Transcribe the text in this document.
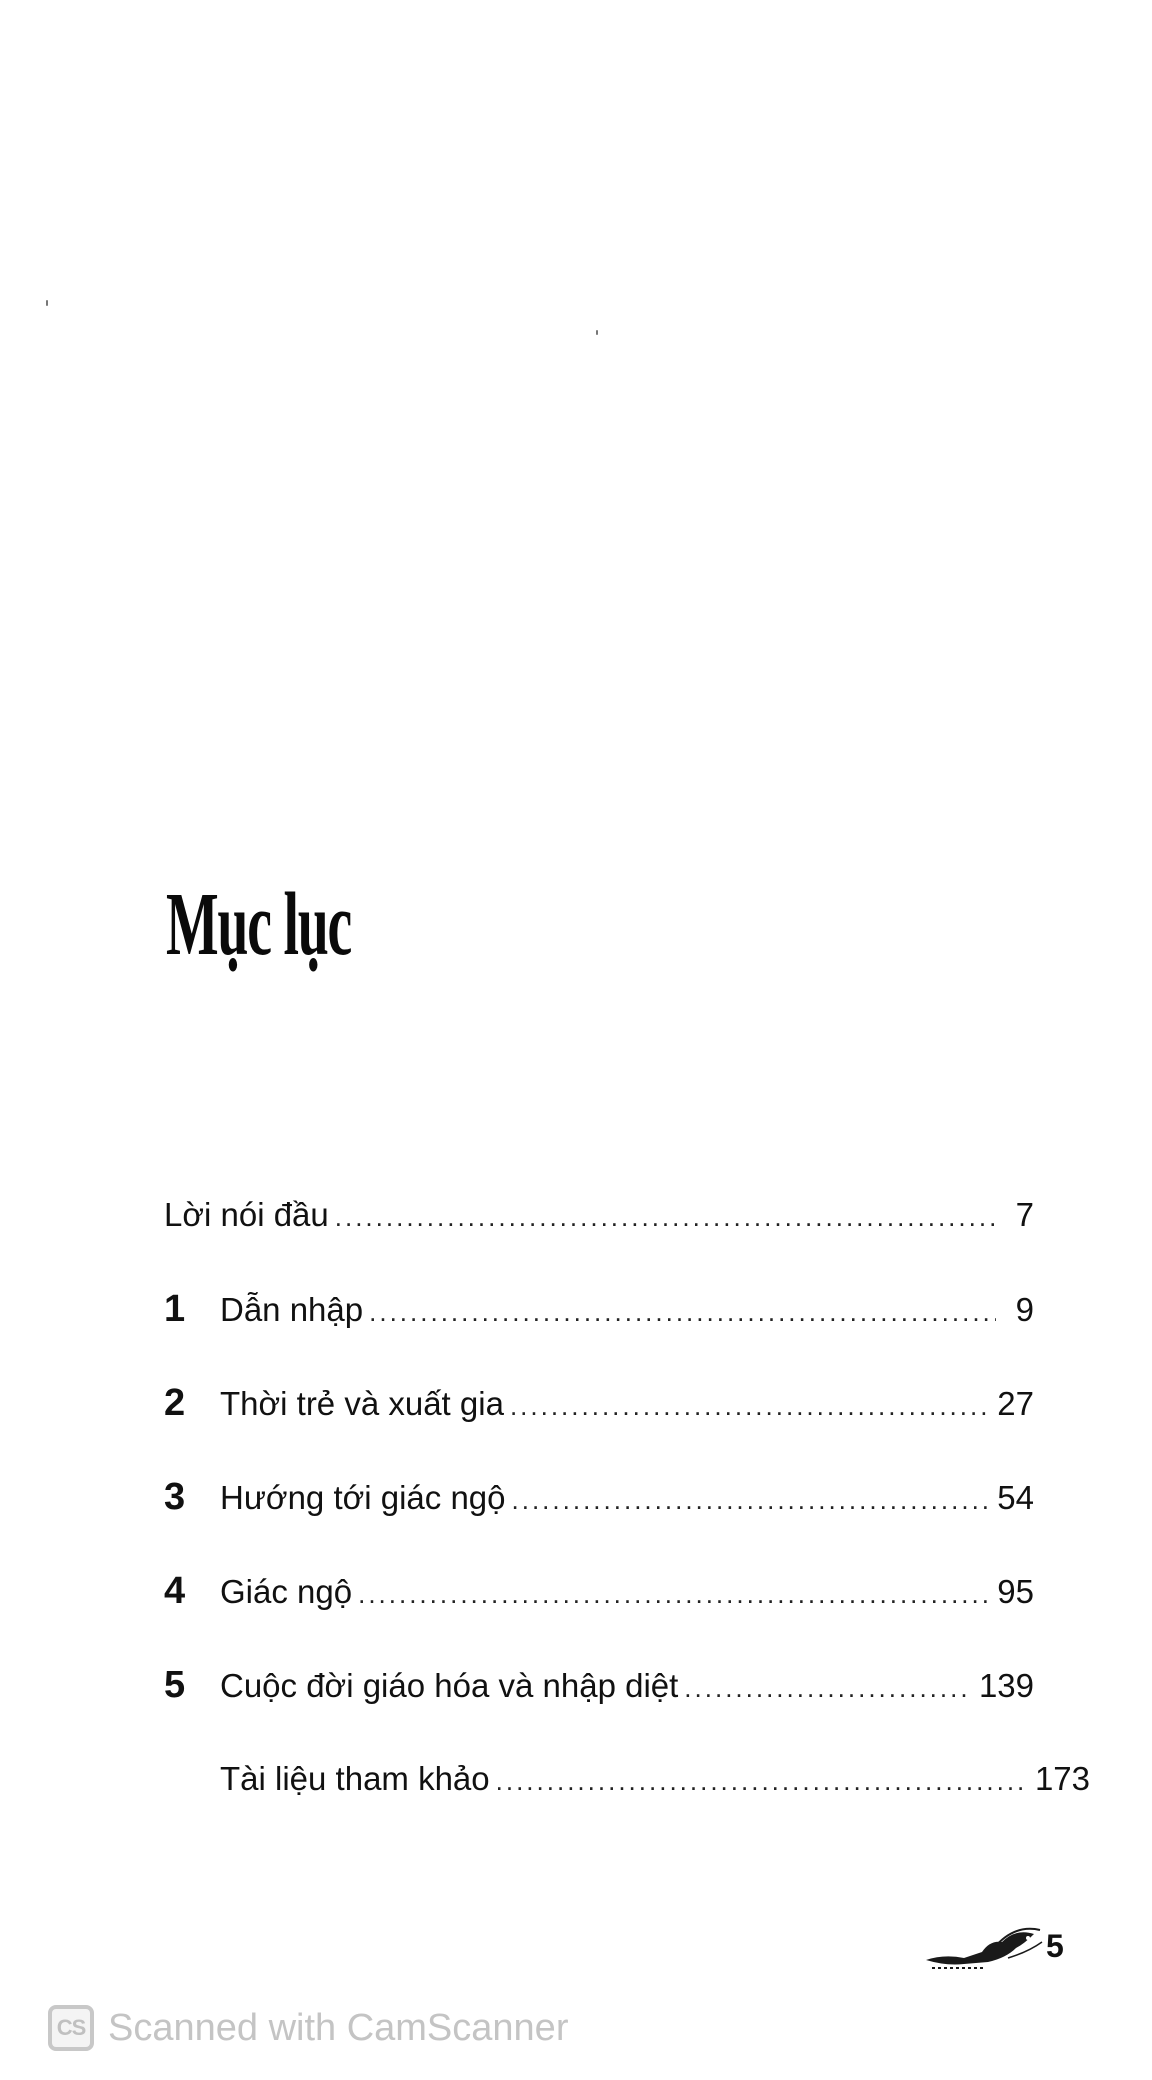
Mục lục
Lời nói đầu .....	7
1	Dẫn nhập .....	9
2	Thời trẻ và xuất gia .....	27
3	Hướng tới giác ngộ .....	54
4	Giác ngộ .....	95
5	Cuộc đời giáo hóa và nhập diệt .....	139
Tài liệu tham khảo .....	173
5
CS Scanned with CamScanner
